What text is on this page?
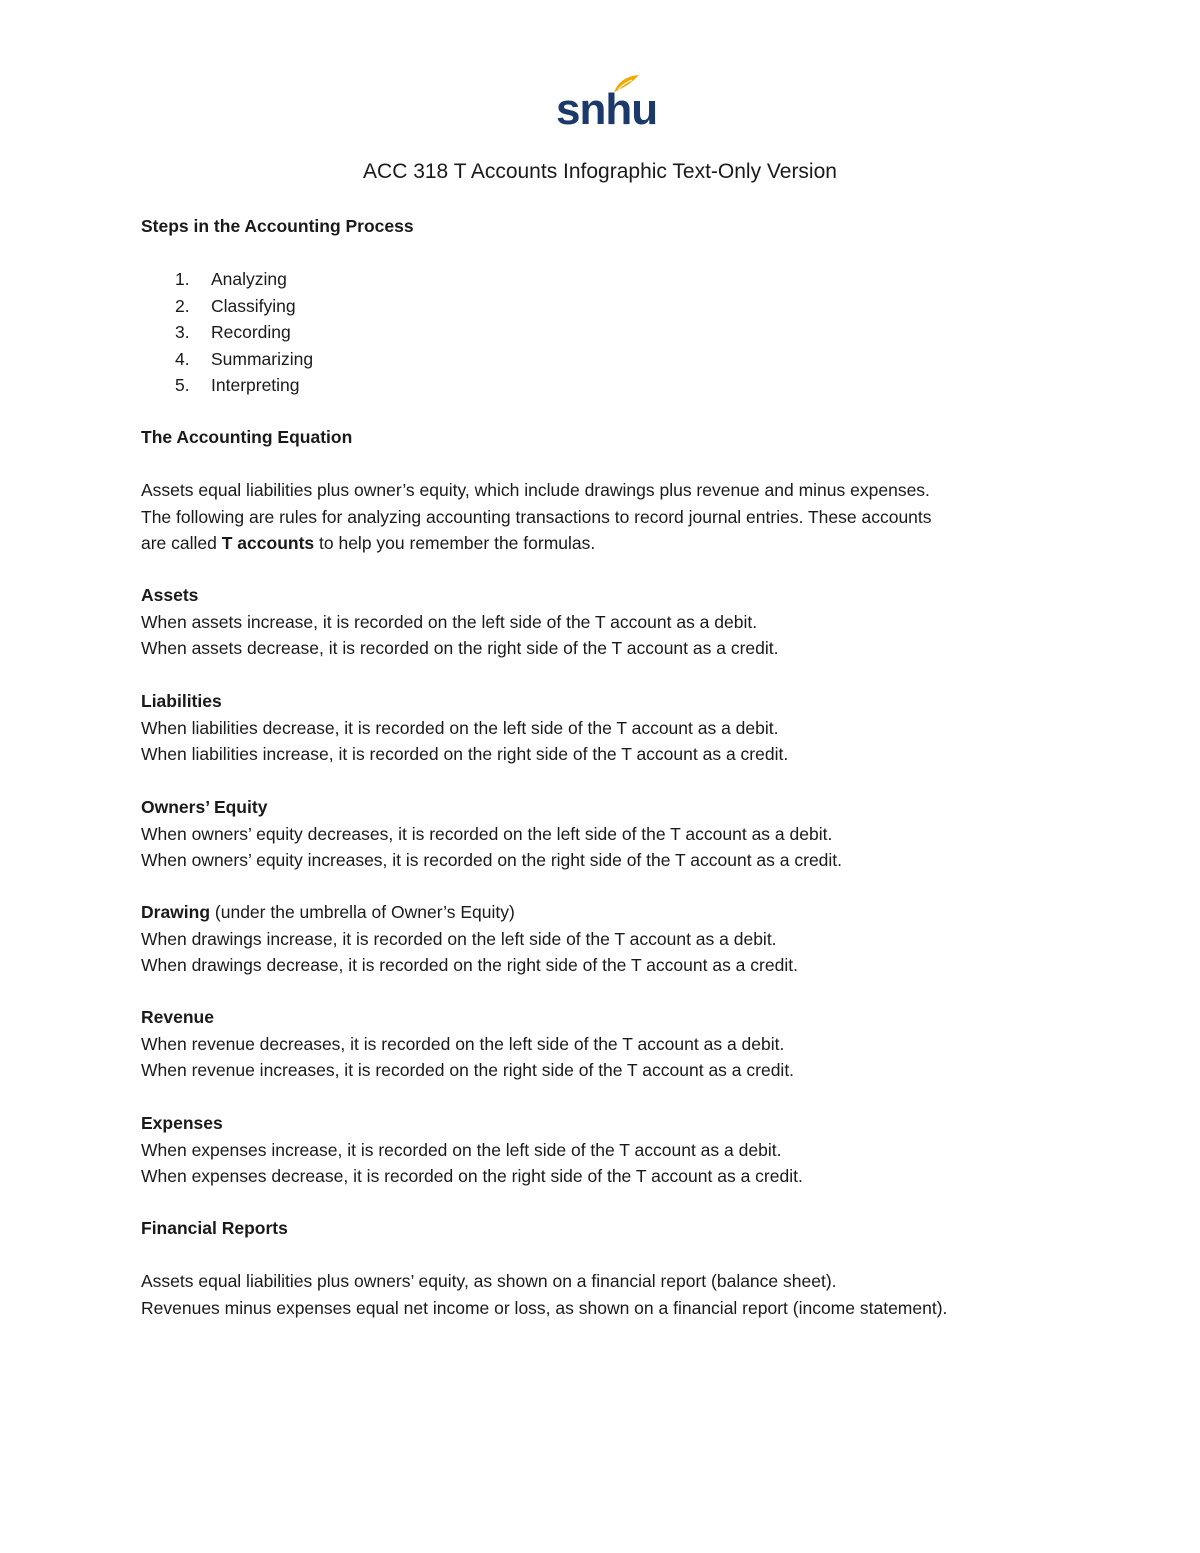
snhu
ACC 318 T Accounts Infographic Text-Only Version
Steps in the Accounting Process
1. Analyzing
2. Classifying
3. Recording
4. Summarizing
5. Interpreting
The Accounting Equation
Assets equal liabilities plus owner’s equity, which include drawings plus revenue and minus expenses.
The following are rules for analyzing accounting transactions to record journal entries. These accounts
are called T accounts to help you remember the formulas.
Assets
When assets increase, it is recorded on the left side of the T account as a debit.
When assets decrease, it is recorded on the right side of the T account as a credit.
Liabilities
When liabilities decrease, it is recorded on the left side of the T account as a debit.
When liabilities increase, it is recorded on the right side of the T account as a credit.
Owners’ Equity
When owners’ equity decreases, it is recorded on the left side of the T account as a debit.
When owners’ equity increases, it is recorded on the right side of the T account as a credit.
Drawing (under the umbrella of Owner’s Equity)
When drawings increase, it is recorded on the left side of the T account as a debit.
When drawings decrease, it is recorded on the right side of the T account as a credit.
Revenue
When revenue decreases, it is recorded on the left side of the T account as a debit.
When revenue increases, it is recorded on the right side of the T account as a credit.
Expenses
When expenses increase, it is recorded on the left side of the T account as a debit.
When expenses decrease, it is recorded on the right side of the T account as a credit.
Financial Reports
Assets equal liabilities plus owners’ equity, as shown on a financial report (balance sheet).
Revenues minus expenses equal net income or loss, as shown on a financial report (income statement).
